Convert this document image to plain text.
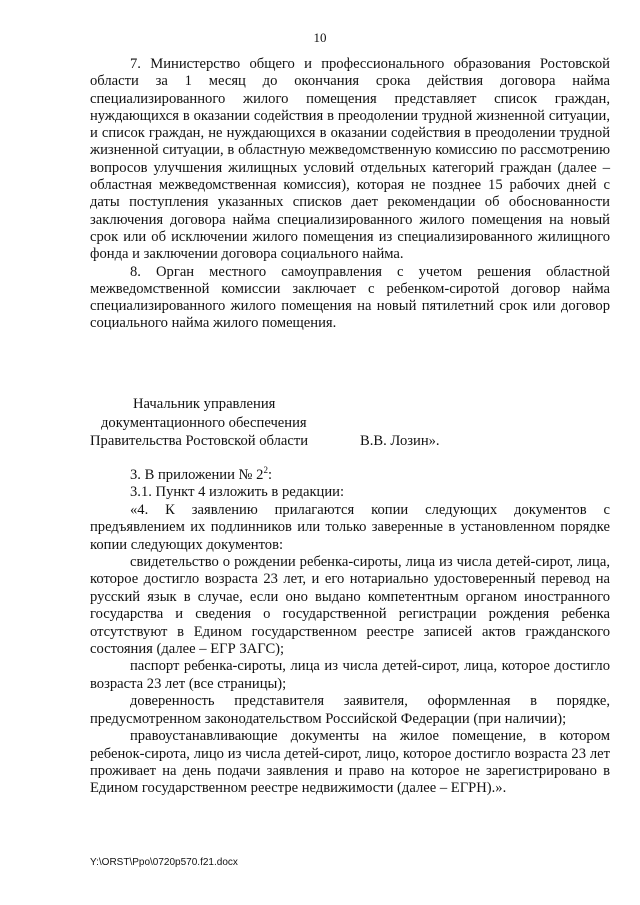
10

7. Министерство общего и профессионального образования Ростовской области за 1 месяц до окончания срока действия договора найма специализированного жилого помещения представляет список граждан, нуждающихся в оказании содействия в преодолении трудной жизненной ситуации, и список граждан, не нуждающихся в оказании содействия в преодолении трудной жизненной ситуации, в областную межведомственную комиссию по рассмотрению вопросов улучшения жилищных условий отдельных категорий граждан (далее – областная межведомственная комиссия), которая не позднее 15 рабочих дней с даты поступления указанных списков дает рекомендации об обоснованности заключения договора найма специализированного жилого помещения на новый срок или об исключении жилого помещения из специализированного жилищного фонда и заключении договора социального найма.

8. Орган местного самоуправления с учетом решения областной межведомственной комиссии заключает с ребенком-сиротой договор найма специализированного жилого помещения на новый пятилетний срок или договор социального найма жилого помещения.

Начальник управления
документационного обеспечения
Правительства Ростовской области	В.В. Лозин».

3. В приложении № $2^2$:

3.1. Пункт 4 изложить в редакции:

«4. К заявлению прилагаются копии следующих документов с предъявлением их подлинников или только заверенные в установленном порядке копии следующих документов:

свидетельство о рождении ребенка-сироты, лица из числа детей-сирот, лица, которое достигло возраста 23 лет, и его нотариально удостоверенный перевод на русский язык в случае, если оно выдано компетентным органом иностранного государства и сведения о государственной регистрации рождения ребенка отсутствуют в Едином государственном реестре записей актов гражданского состояния (далее – ЕГР ЗАГС);

паспорт ребенка-сироты, лица из числа детей-сирот, лица, которое достигло возраста 23 лет (все страницы);

доверенность представителя заявителя, оформленная в порядке, предусмотренном законодательством Российской Федерации (при наличии);

правоустанавливающие документы на жилое помещение, в котором ребенок-сирота, лицо из числа детей-сирот, лицо, которое достигло возраста 23 лет проживает на день подачи заявления и право на которое не зарегистрировано в Едином государственном реестре недвижимости (далее – ЕГРН).».

Y:\ORST\Ppo\0720p570.f21.docx
